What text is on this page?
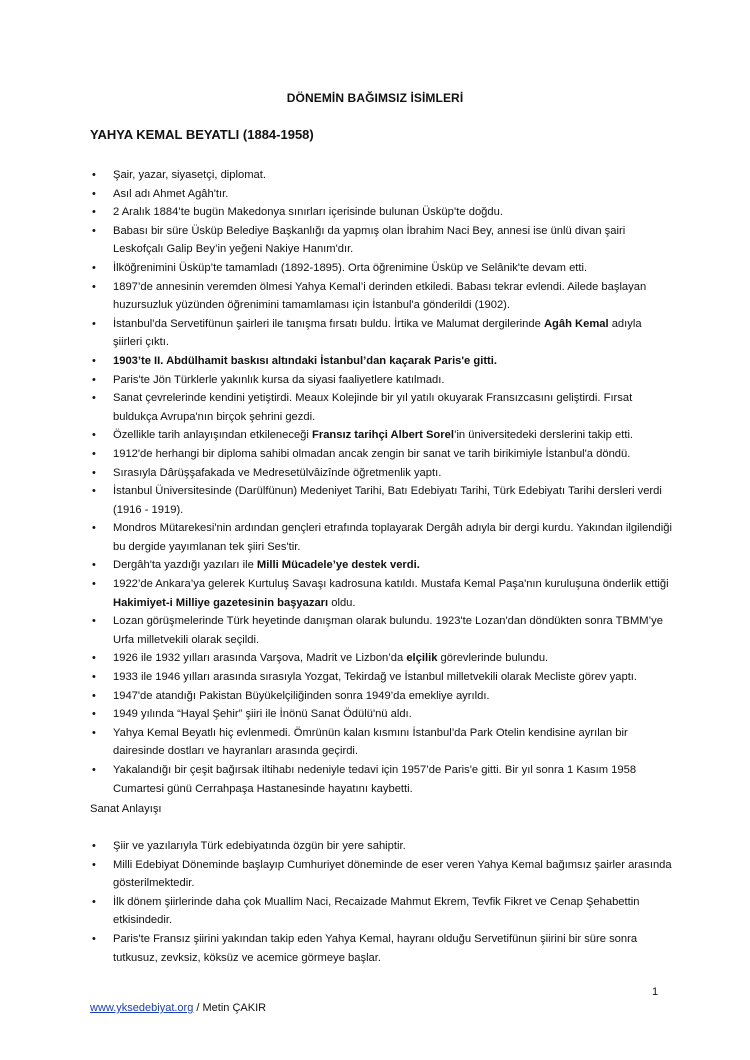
DÖNEMİN BAĞIMSIZ İSİMLERİ
YAHYA KEMAL BEYATLI (1884-1958)
• Şair, yazar, siyasetçi, diplomat.
• Asıl adı Ahmet Agâh'tır.
• 2 Aralık 1884’te bugün Makedonya sınırları içerisinde bulunan Üsküp’te doğdu.
• Babası bir süre Üsküp Belediye Başkanlığı da yapmış olan İbrahim Naci Bey, annesi ise ünlü divan şairi Leskofçalı Galip Bey’in yeğeni Nakiye Hanım'dır.
• İlköğrenimini Üsküp’te tamamladı (1892-1895). Orta öğrenimine Üsküp ve Selânik'te devam etti.
• 1897’de annesinin veremden ölmesi Yahya Kemal’i derinden etkiledi. Babası tekrar evlendi. Ailede başlayan huzursuzluk yüzünden öğrenimini tamamlaması için İstanbul'a gönderildi (1902).
• İstanbul’da Servetifünun şairleri ile tanışma fırsatı buldu. İrtika ve Malumat dergilerinde Agâh Kemal adıyla şiirleri çıktı.
• 1903’te II. Abdülhamit baskısı altındaki İstanbul’dan kaçarak Paris'e gitti.
• Paris'te Jön Türklerle yakınlık kursa da siyasi faaliyetlere katılmadı.
• Sanat çevrelerinde kendini yetiştirdi. Meaux Kolejinde bir yıl yatılı okuyarak Fransızcasını geliştirdi. Fırsat buldukça Avrupa'nın birçok şehrini gezdi.
• Özellikle tarih anlayışından etkileneceği Fransız tarihçi Albert Sorel’in üniversitedeki derslerini takip etti.
• 1912'de herhangi bir diploma sahibi olmadan ancak zengin bir sanat ve tarih birikimiyle İstanbul'a döndü.
• Sırasıyla Dârüşşafakada ve Medresetülvâizînde öğretmenlik yaptı.
• İstanbul Üniversitesinde (Darülfünun) Medeniyet Tarihi, Batı Edebiyatı Tarihi, Türk Edebiyatı Tarihi dersleri verdi (1916 - 1919).
• Mondros Mütarekesi'nin ardından gençleri etrafında toplayarak Dergâh adıyla bir dergi kurdu. Yakından ilgilendiği bu dergide yayımlanan tek şiiri Ses'tir.
• Dergâh'ta yazdığı yazıları ile Milli Mücadele’ye destek verdi.
• 1922’de Ankara’ya gelerek Kurtuluş Savaşı kadrosuna katıldı. Mustafa Kemal Paşa'nın kuruluşuna önderlik ettiği Hakimiyet-i Milliye gazetesinin başyazarı oldu.
• Lozan görüşmelerinde Türk heyetinde danışman olarak bulundu. 1923'te Lozan'dan döndükten sonra TBMM’ye Urfa milletvekili olarak seçildi.
• 1926 ile 1932 yılları arasında Varşova, Madrit ve Lizbon’da elçilik görevlerinde bulundu.
• 1933 ile 1946 yılları arasında sırasıyla Yozgat, Tekirdağ ve İstanbul milletvekili olarak Mecliste görev yaptı.
• 1947'de atandığı Pakistan Büyükelçiliğinden sonra 1949’da emekliye ayrıldı.
• 1949 yılında “Hayal Şehir” şiiri ile İnönü Sanat Ödülü'nü aldı.
• Yahya Kemal Beyatlı hiç evlenmedi. Ömrünün kalan kısmını İstanbul’da Park Otelin kendisine ayrılan bir dairesinde dostları ve hayranları arasında geçirdi.
• Yakalandığı bir çeşit bağırsak iltihabı nedeniyle tedavi için 1957’de Paris'e gitti. Bir yıl sonra 1 Kasım 1958 Cumartesi günü Cerrahpaşa Hastanesinde hayatını kaybetti.
Sanat Anlayışı
• Şiir ve yazılarıyla Türk edebiyatında özgün bir yere sahiptir.
• Milli Edebiyat Döneminde başlayıp Cumhuriyet döneminde de eser veren Yahya Kemal bağımsız şairler arasında gösterilmektedir.
• İlk dönem şiirlerinde daha çok Muallim Naci, Recaizade Mahmut Ekrem, Tevfik Fikret ve Cenap Şehabettin etkisindedir.
• Paris'te Fransız şiirini yakından takip eden Yahya Kemal, hayranı olduğu Servetifünun şiirini bir süre sonra tutkusuz, zevksiz, köksüz ve acemice görmeye başlar.
1
www.yksedebiyat.org / Metin ÇAKIR
